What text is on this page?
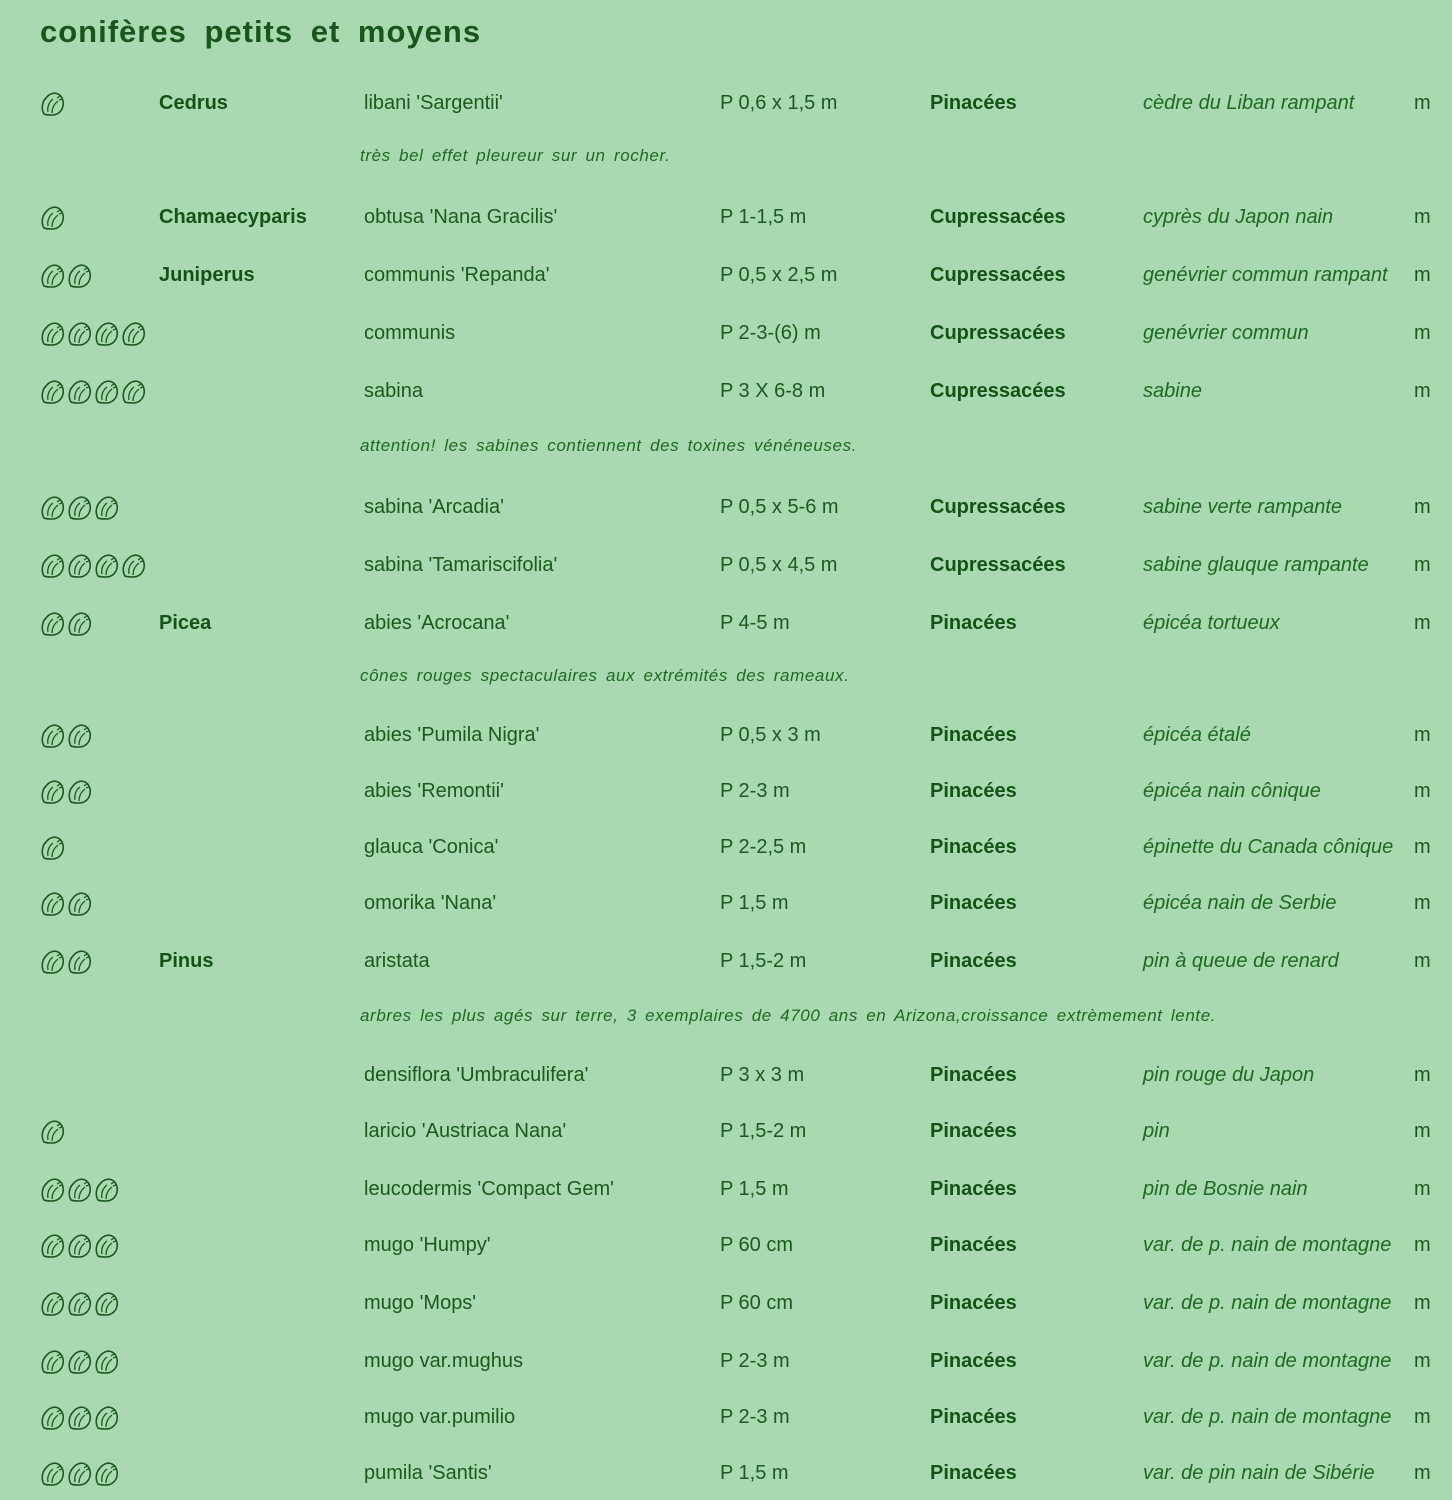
conifères petits et moyens
Cedrus	libani 'Sargentii'	P 0,6 x 1,5 m	Pinacées	cèdre du Liban rampant	m
très bel effet pleureur sur un rocher.
Chamaecyparis	obtusa 'Nana Gracilis'	P 1-1,5 m	Cupressacées	cyprès du Japon nain	m
Juniperus	communis 'Repanda'	P 0,5 x 2,5 m	Cupressacées	genévrier commun rampant m
communis	P 2-3-(6) m	Cupressacées	genévrier commun	m
sabina	P 3 X 6-8 m	Cupressacées	sabine	m
attention! les sabines contiennent des toxines vénéneuses.
sabina 'Arcadia'	P 0,5 x 5-6 m	Cupressacées	sabine verte rampante	m
sabina 'Tamariscifolia'	P 0,5 x 4,5 m	Cupressacées	sabine glauque rampante m
Picea	abies 'Acrocana'	P 4-5 m	Pinacées	épicéa tortueux	m
cônes rouges spectaculaires aux extrémités des rameaux.
abies 'Pumila Nigra'	P 0,5 x 3 m	Pinacées	épicéa étalé	m
abies 'Remontii'	P 2-3 m	Pinacées	épicéa nain cônique	m
glauca 'Conica'	P 2-2,5 m	Pinacées	épinette du Canada cônique m
omorika 'Nana'	P 1,5 m	Pinacées	épicéa nain de Serbie	m
Pinus	aristata	P 1,5-2 m	Pinacées	pin à queue de renard	m
arbres les plus agés sur terre, 3 exemplaires de 4700 ans en Arizona,croissance extrèmement lente.
densiflora 'Umbraculifera'	P 3 x 3 m	Pinacées	pin rouge du Japon	m
laricio 'Austriaca Nana'	P 1,5-2 m	Pinacées	pin	m
leucodermis 'Compact Gem'	P 1,5 m	Pinacées	pin de Bosnie nain	m
mugo 'Humpy'	P 60 cm	Pinacées	var. de p. nain de montagne m
mugo 'Mops'	P 60 cm	Pinacées	var. de p. nain de montagne m
mugo var.mughus	P 2-3 m	Pinacées	var. de p. nain de montagne m
mugo var.pumilio	P 2-3 m	Pinacées	var. de p. nain de montagne m
pumila 'Santis'	P 1,5 m	Pinacées	var. de pin nain de Sibérie m
